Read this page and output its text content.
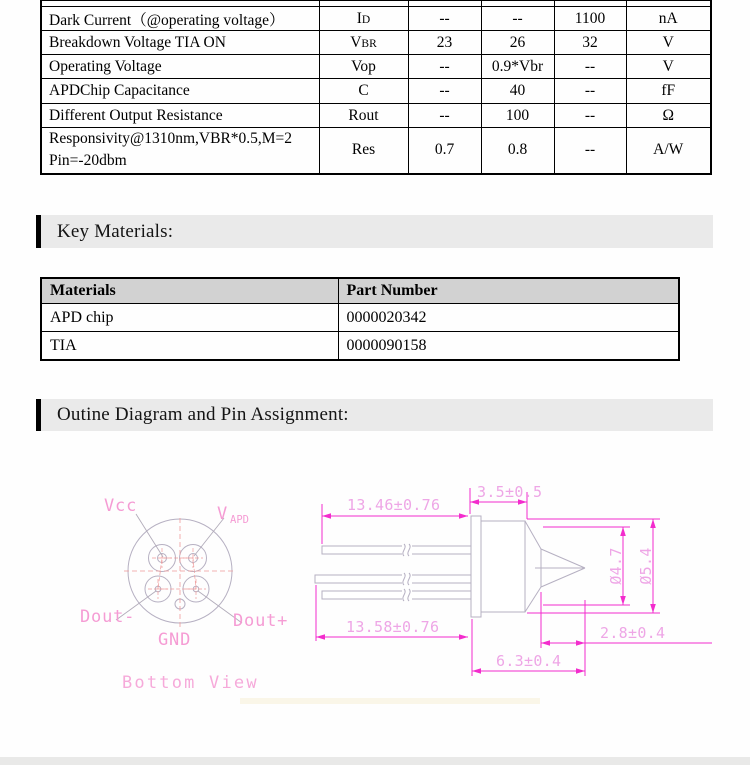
Dark Current（@operating voltage）	ID	--	--	1100	nA
Breakdown Voltage TIA ON	VBR	23	26	32	V
Operating Voltage	Vop	--	0.9*Vbr	--	V
APDChip Capacitance	C	--	40	--	fF
Different Output Resistance	Rout	--	100	--	Ω
Responsivity@1310nm,VBR*0.5,M=2
Pin=-20dbm	Res	0.7	0.8	--	A/W
Key Materials:
Materials	Part Number
APD chip	0000020342
TIA	0000090158
Outine Diagram and Pin Assignment:
Vcc	V APD
Dout-	Dout+
GND
Bottom View
13.46±0.76
3.5±0.5
13.58±0.76
6.3±0.4
2.8±0.4
Ø4.7 Ø5.4
